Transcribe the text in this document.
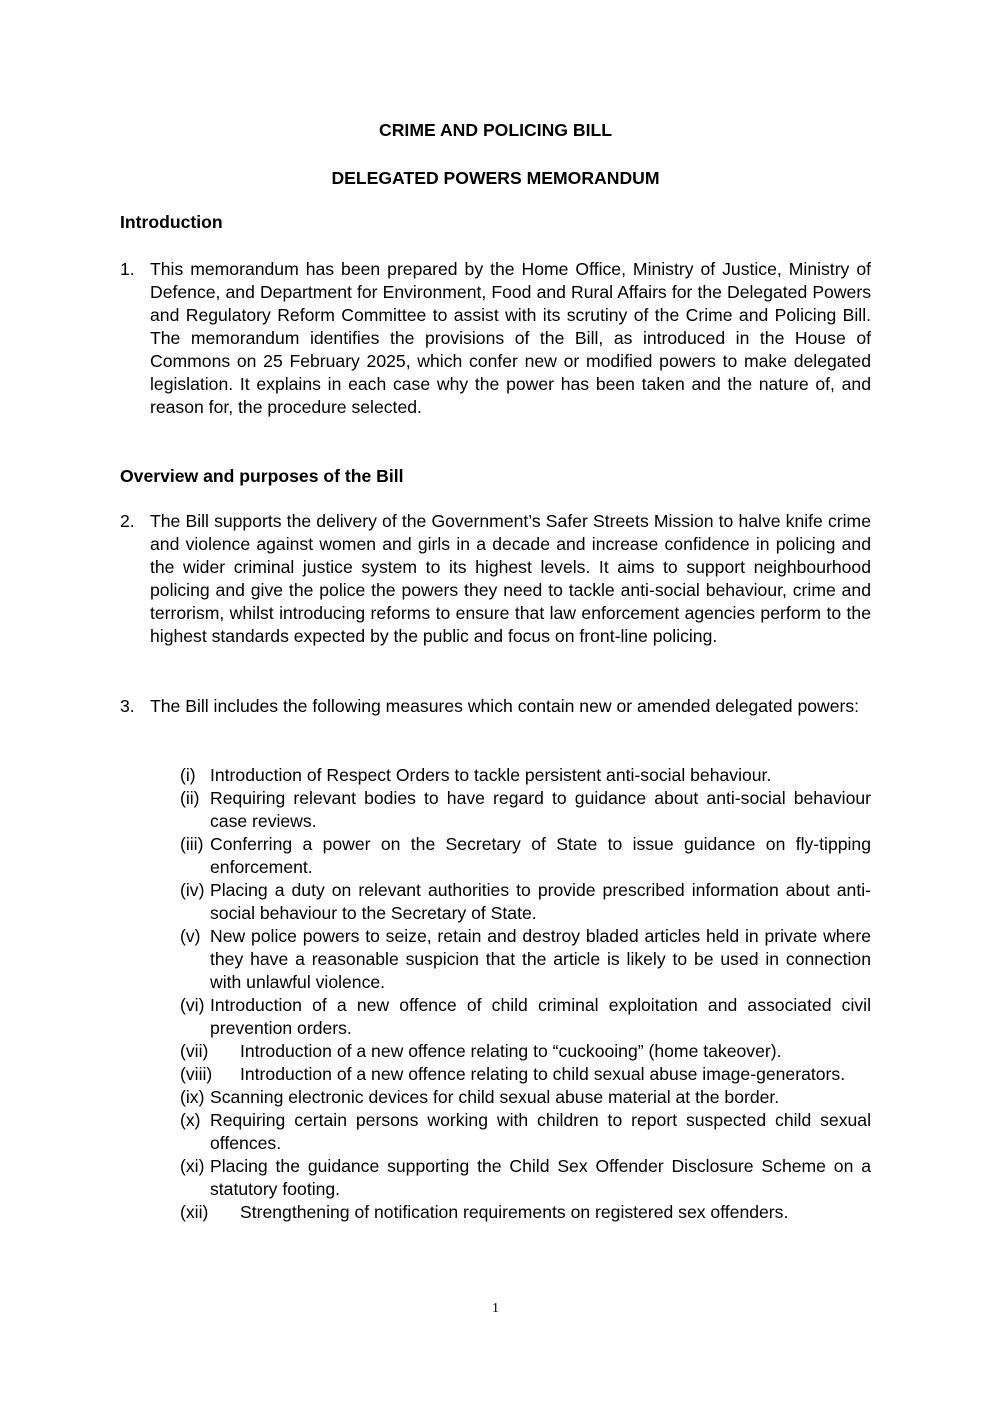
CRIME AND POLICING BILL

DELEGATED POWERS MEMORANDUM

Introduction

1. This memorandum has been prepared by the Home Office, Ministry of Justice, Ministry of Defence, and Department for Environment, Food and Rural Affairs for the Delegated Powers and Regulatory Reform Committee to assist with its scrutiny of the Crime and Policing Bill. The memorandum identifies the provisions of the Bill, as introduced in the House of Commons on 25 February 2025, which confer new or modified powers to make delegated legislation. It explains in each case why the power has been taken and the nature of, and reason for, the procedure selected.

Overview and purposes of the Bill

2. The Bill supports the delivery of the Government’s Safer Streets Mission to halve knife crime and violence against women and girls in a decade and increase confidence in policing and the wider criminal justice system to its highest levels. It aims to support neighbourhood policing and give the police the powers they need to tackle anti-social behaviour, crime and terrorism, whilst introducing reforms to ensure that law enforcement agencies perform to the highest standards expected by the public and focus on front-line policing.
3. The Bill includes the following measures which contain new or amended delegated powers:
(i) Introduction of Respect Orders to tackle persistent anti-social behaviour.
(ii) Requiring relevant bodies to have regard to guidance about anti-social behaviour case reviews.
(iii) Conferring a power on the Secretary of State to issue guidance on fly-tipping enforcement.
(iv) Placing a duty on relevant authorities to provide prescribed information about anti-social behaviour to the Secretary of State.
(v) New police powers to seize, retain and destroy bladed articles held in private where they have a reasonable suspicion that the article is likely to be used in connection with unlawful violence.
(vi) Introduction of a new offence of child criminal exploitation and associated civil prevention orders.
(vii) Introduction of a new offence relating to “cuckooing” (home takeover).
(viii) Introduction of a new offence relating to child sexual abuse image-generators.
(ix) Scanning electronic devices for child sexual abuse material at the border.
(x) Requiring certain persons working with children to report suspected child sexual offences.
(xi) Placing the guidance supporting the Child Sex Offender Disclosure Scheme on a statutory footing.
(xii) Strengthening of notification requirements on registered sex offenders.
1
